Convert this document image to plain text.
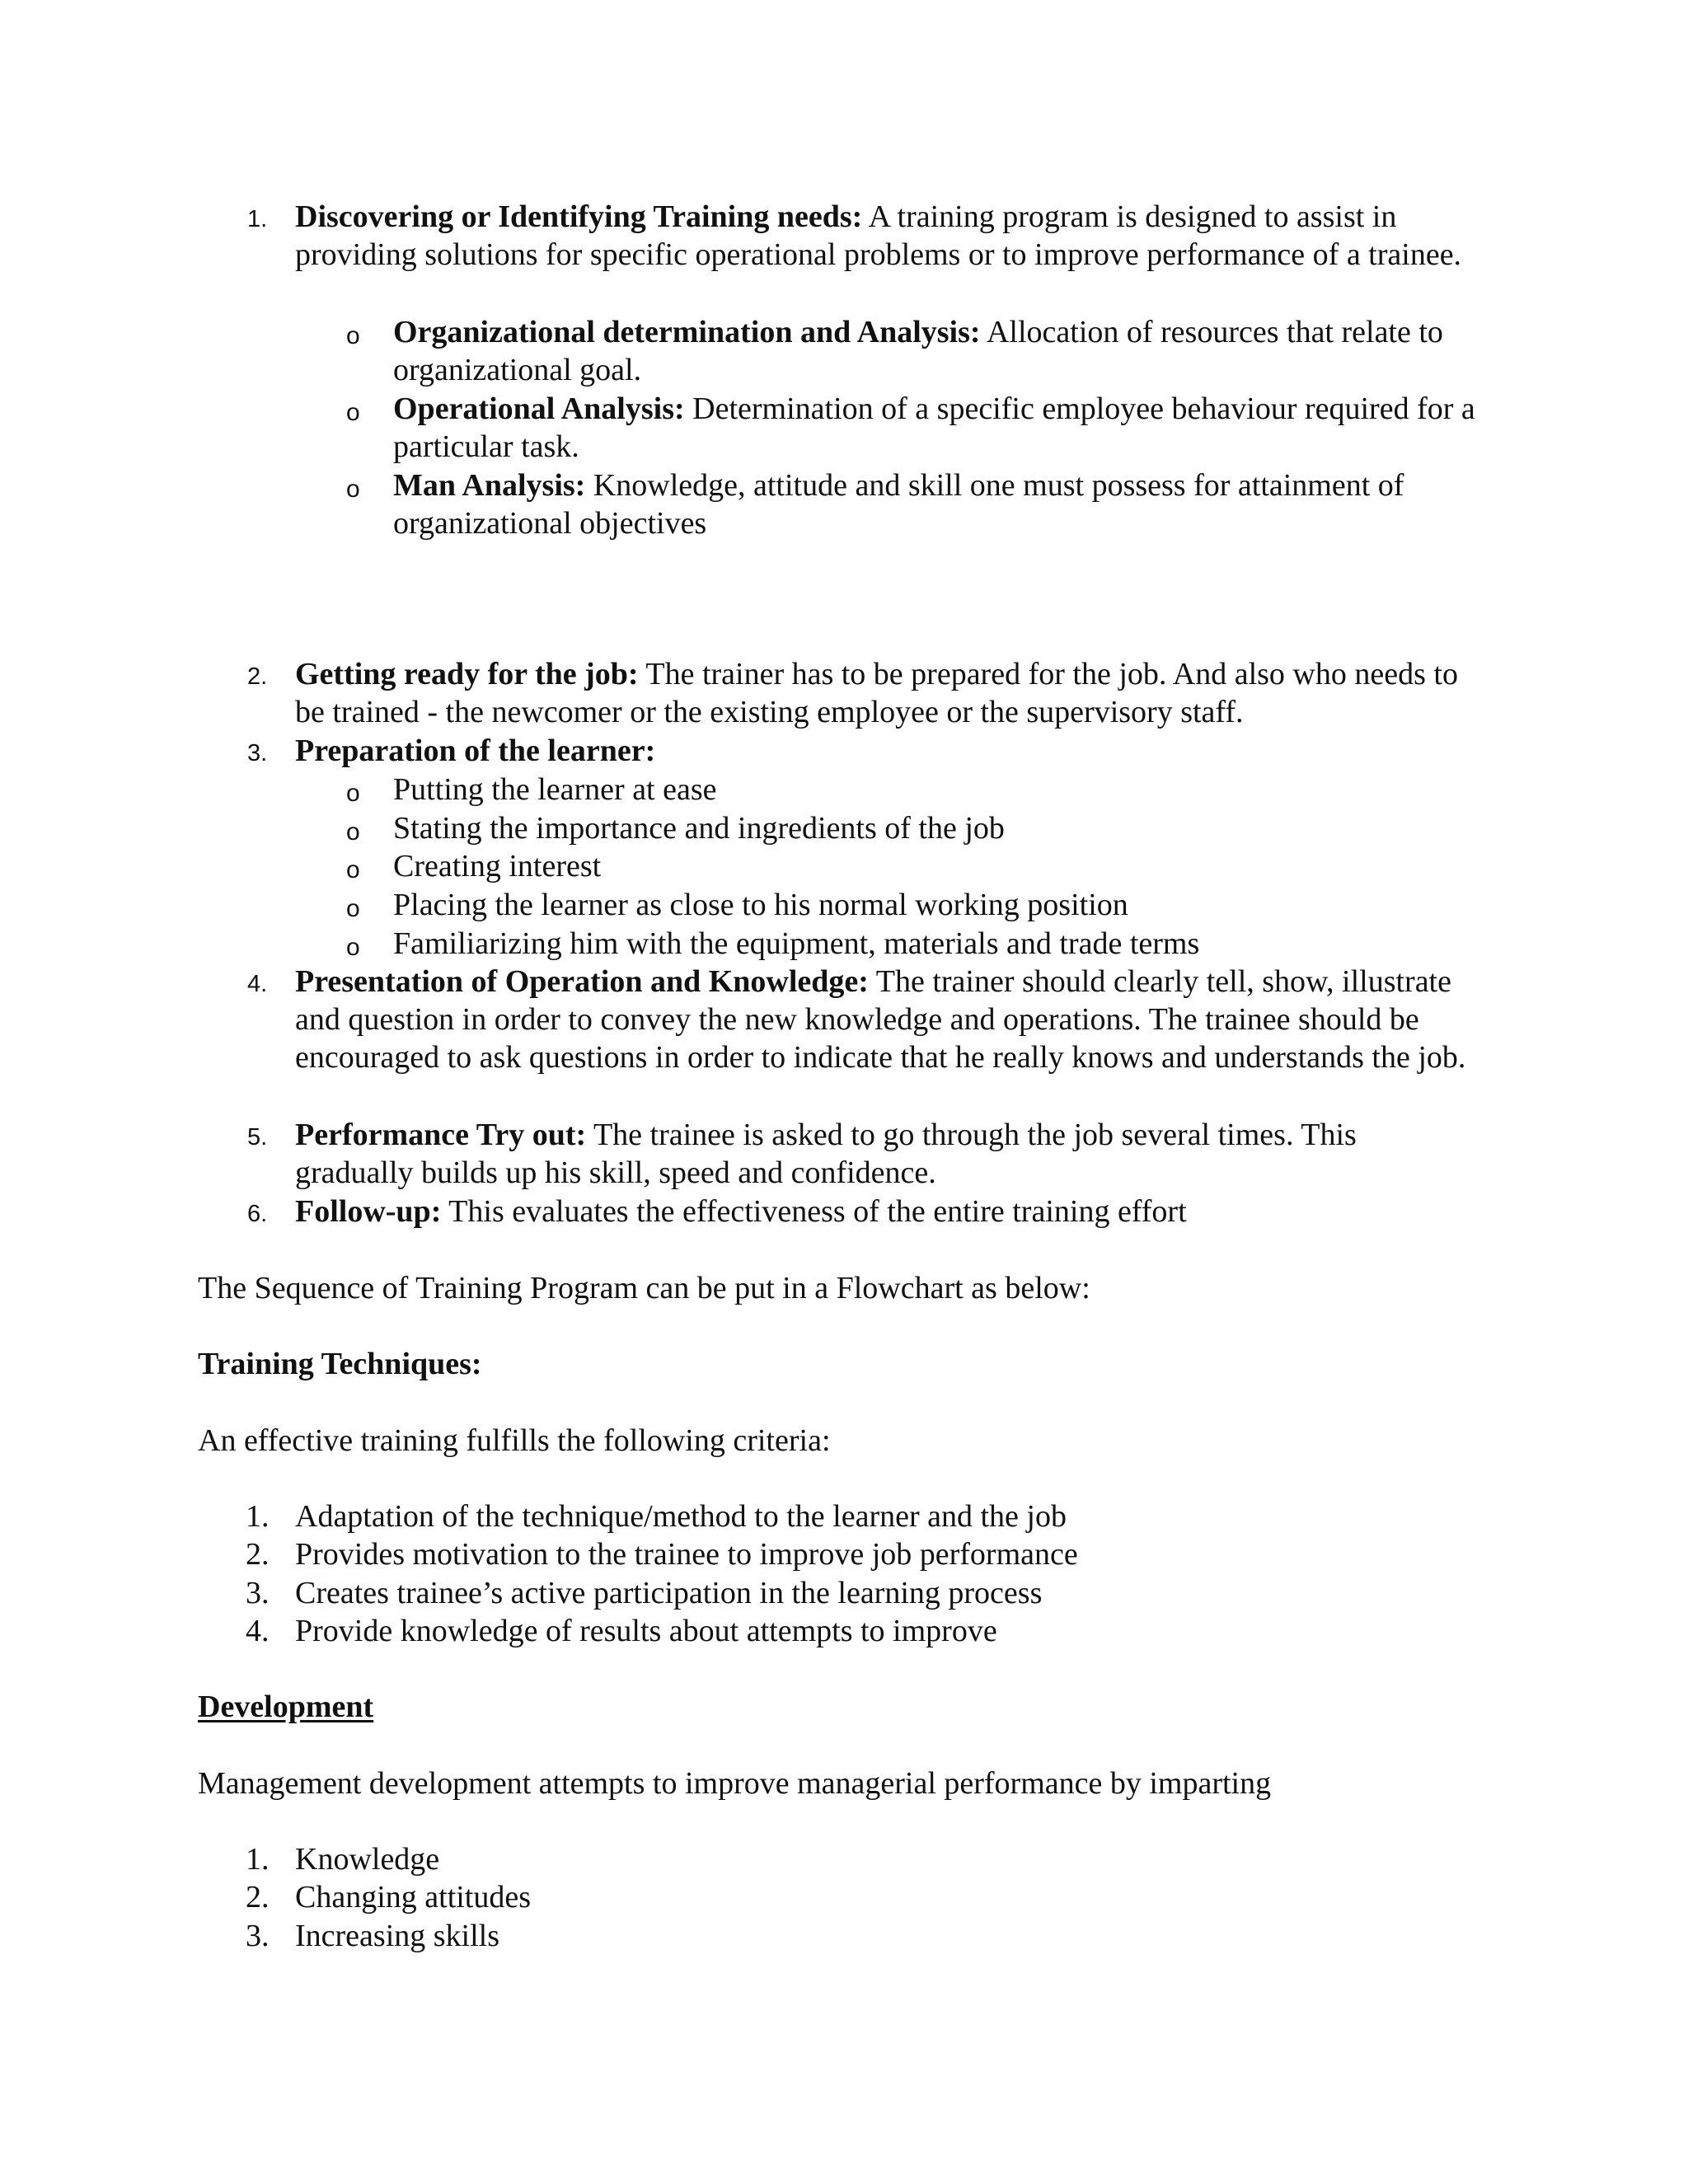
1. Discovering or Identifying Training needs: A training program is designed to assist in providing solutions for specific operational problems or to improve performance of a trainee.
o	Organizational determination and Analysis: Allocation of resources that relate to organizational goal.
o	Operational Analysis: Determination of a specific employee behaviour required for a particular task.
o	Man Analysis: Knowledge, attitude and skill one must possess for attainment of organizational objectives
2. Getting ready for the job: The trainer has to be prepared for the job. And also who needs to be trained - the newcomer or the existing employee or the supervisory staff.
3. Preparation of the learner:
o	Putting the learner at ease
o	Stating the importance and ingredients of the job
o	Creating interest
o	Placing the learner as close to his normal working position
o	Familiarizing him with the equipment, materials and trade terms
4. Presentation of Operation and Knowledge: The trainer should clearly tell, show, illustrate and question in order to convey the new knowledge and operations. The trainee should be encouraged to ask questions in order to indicate that he really knows and understands the job.
5. Performance Try out: The trainee is asked to go through the job several times. This gradually builds up his skill, speed and confidence.
6. Follow-up: This evaluates the effectiveness of the entire training effort
The Sequence of Training Program can be put in a Flowchart as below:
Training Techniques:
An effective training fulfills the following criteria:
1. Adaptation of the technique/method to the learner and the job
2. Provides motivation to the trainee to improve job performance
3. Creates trainee’s active participation in the learning process
4. Provide knowledge of results about attempts to improve
Development
Management development attempts to improve managerial performance by imparting
1. Knowledge
2. Changing attitudes
3. Increasing skills
